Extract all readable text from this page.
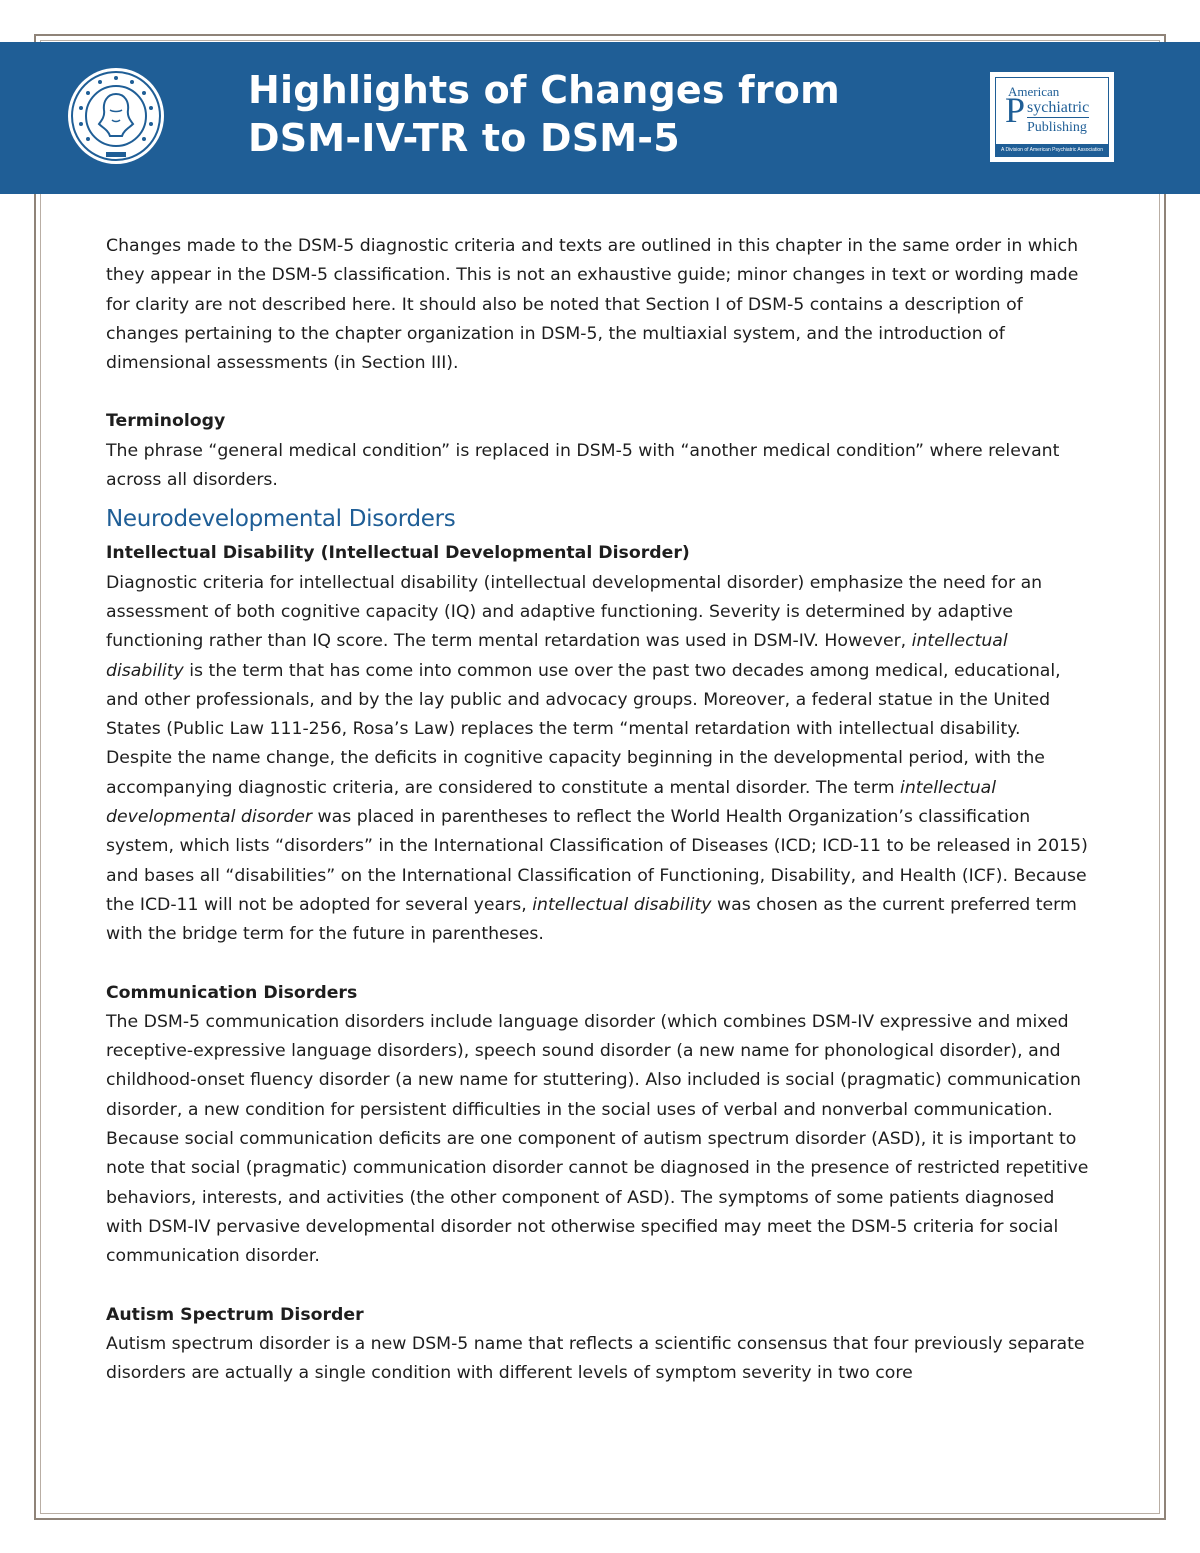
Highlights of Changes from
DSM-IV-TR to DSM-5
American
P sychiatric
Publishing
A Division of American Psychiatric Association

Changes made to the DSM-5 diagnostic criteria and texts are outlined in this chapter in the same order in which they appear in the DSM-5 classification. This is not an exhaustive guide; minor changes in text or wording made for clarity are not described here. It should also be noted that Section I of DSM-5 contains a description of changes pertaining to the chapter organization in DSM-5, the multiaxial system, and the introduction of dimensional assessments (in Section III).

Terminology

The phrase “general medical condition” is replaced in DSM-5 with “another medical condition” where relevant across all disorders.

Neurodevelopmental Disorders

Intellectual Disability (Intellectual Developmental Disorder)

Diagnostic criteria for intellectual disability (intellectual developmental disorder) emphasize the need for an assessment of both cognitive capacity (IQ) and adaptive functioning. Severity is determined by adaptive functioning rather than IQ score. The term mental retardation was used in DSM-IV. However, intellectual disability is the term that has come into common use over the past two decades among medical, educational, and other professionals, and by the lay public and advocacy groups. Moreover, a federal statue in the United States (Public Law 111-256, Rosa’s Law) replaces the term “mental retardation with intellectual disability. Despite the name change, the deficits in cognitive capacity beginning in the developmental period, with the accompanying diagnostic criteria, are considered to constitute a mental disorder. The term intellectual developmental disorder was placed in parentheses to reflect the World Health Organization’s classification system, which lists “disorders” in the International Classification of Diseases (ICD; ICD-11 to be released in 2015) and bases all “disabilities” on the International Classification of Functioning, Disability, and Health (ICF). Because the ICD-11 will not be adopted for several years, intellectual disability was chosen as the current preferred term with the bridge term for the future in parentheses.

Communication Disorders

The DSM-5 communication disorders include language disorder (which combines DSM-IV expressive and mixed receptive-expressive language disorders), speech sound disorder (a new name for phonological disorder), and childhood-onset fluency disorder (a new name for stuttering). Also included is social (pragmatic) communication disorder, a new condition for persistent difficulties in the social uses of verbal and nonverbal communication. Because social communication deficits are one component of autism spectrum disorder (ASD), it is important to note that social (pragmatic) communication disorder cannot be diagnosed in the presence of restricted repetitive behaviors, interests, and activities (the other component of ASD). The symptoms of some patients diagnosed with DSM-IV pervasive developmental disorder not otherwise specified may meet the DSM-5 criteria for social communication disorder.

Autism Spectrum Disorder

Autism spectrum disorder is a new DSM-5 name that reflects a scientific consensus that four previously separate disorders are actually a single condition with different levels of symptom severity in two core
